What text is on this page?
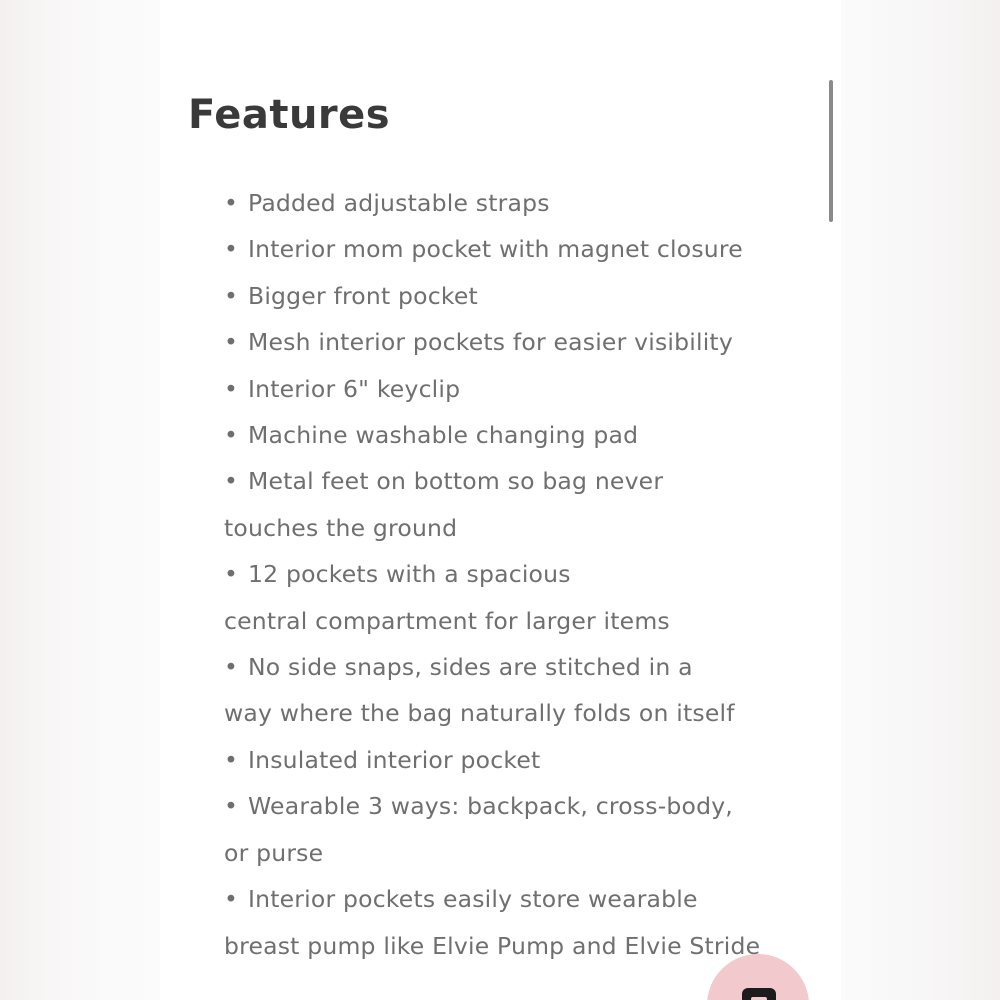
Features
• Padded adjustable straps
• Interior mom pocket with magnet closure
• Bigger front pocket
• Mesh interior pockets for easier visibility
• Interior 6" keyclip
• Machine washable changing pad
• Metal feet on bottom so bag never
touches the ground
• 12 pockets with a spacious
central compartment for larger items
• No side snaps, sides are stitched in a
way where the bag naturally folds on itself
• Insulated interior pocket
• Wearable 3 ways: backpack, cross-body,
or purse
• Interior pockets easily store wearable
breast pump like Elvie Pump and Elvie Stride
